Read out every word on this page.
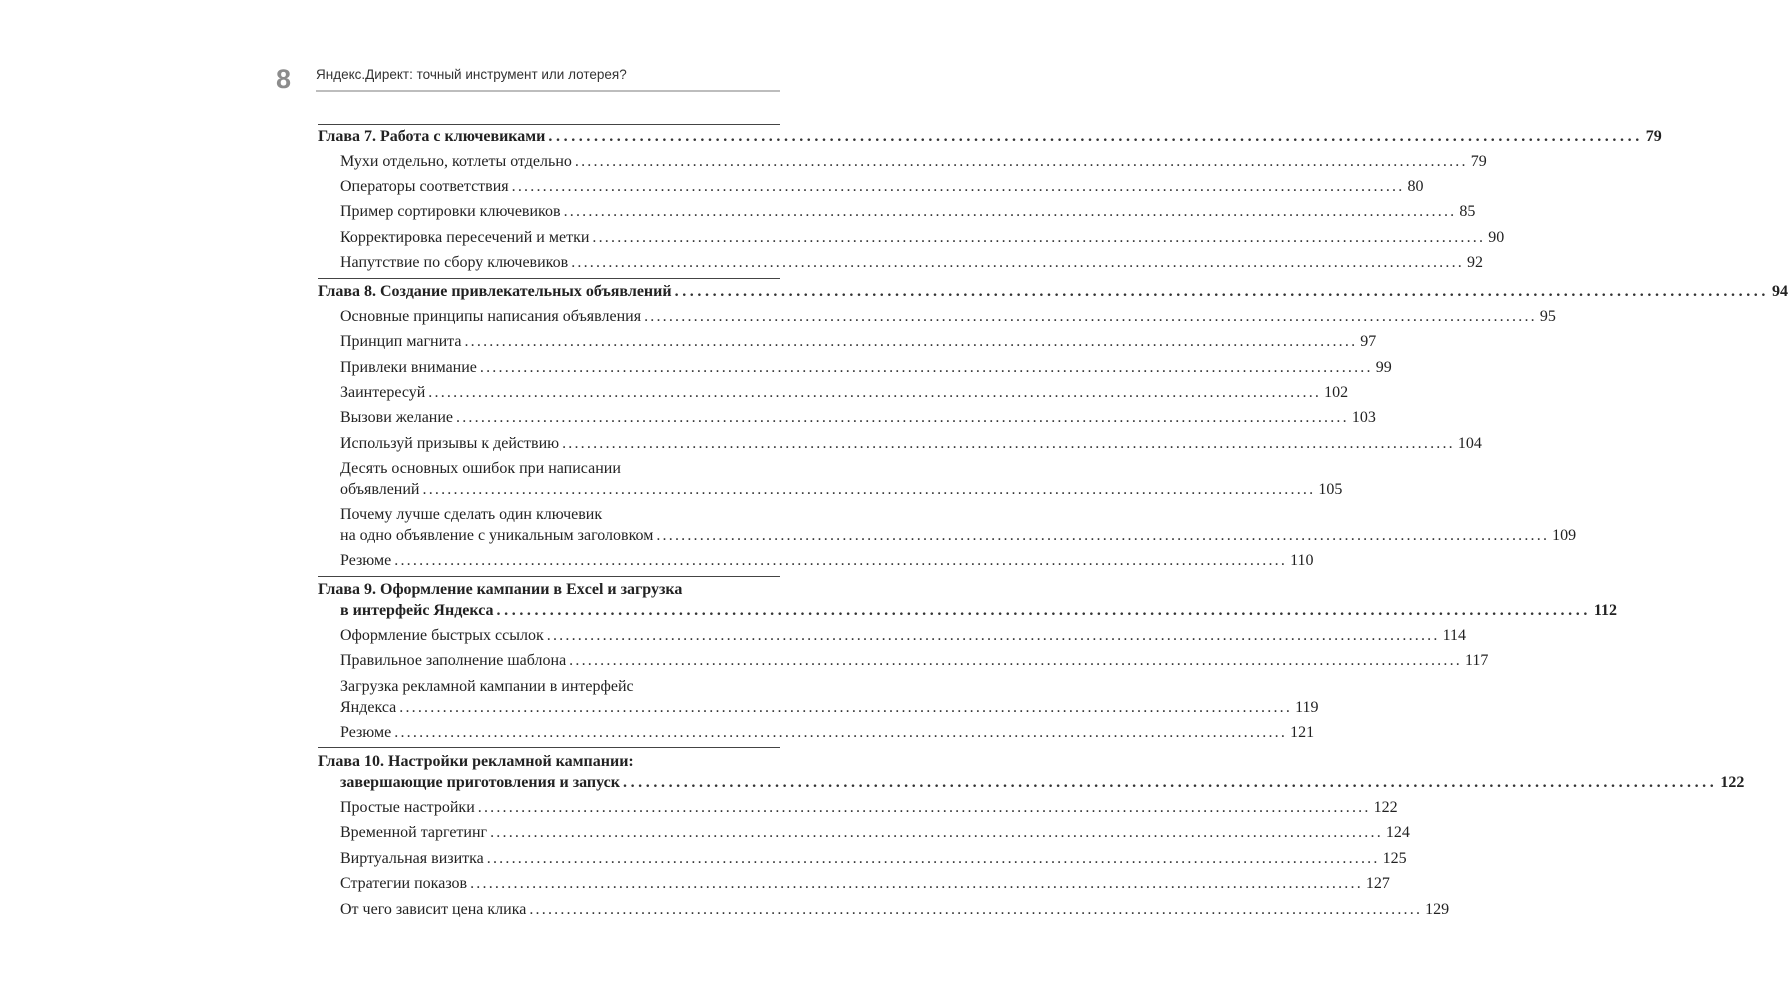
8 Яндекс.Директ: точный инструмент или лотерея?
Глава 7. Работа с ключевиками ................................................................................................................................................ 79
Мухи отдельно, котлеты отдельно ................................................................................................................................................ 79
Операторы соответствия ................................................................................................................................................ 80
Пример сортировки ключевиков ................................................................................................................................................ 85
Корректировка пересечений и метки ................................................................................................................................................ 90
Напутствие по сбору ключевиков ................................................................................................................................................ 92
Глава 8. Создание привлекательных объявлений ................................................................................................................................................ 94
Основные принципы написания объявления ................................................................................................................................................ 95
Принцип магнита ................................................................................................................................................ 97
Привлеки внимание ................................................................................................................................................ 99
Заинтересуй ................................................................................................................................................ 102
Вызови желание ................................................................................................................................................ 103
Используй призывы к действию ................................................................................................................................................ 104
Десять основных ошибок при написании
объявлений ................................................................................................................................................ 105
Почему лучше сделать один ключевик
на одно объявление с уникальным заголовком ................................................................................................................................................ 109
Резюме ................................................................................................................................................ 110
Глава 9. Оформление кампании в Excel и загрузка
в интерфейс Яндекса ................................................................................................................................................ 112
Оформление быстрых ссылок ................................................................................................................................................ 114
Правильное заполнение шаблона ................................................................................................................................................ 117
Загрузка рекламной кампании в интерфейс
Яндекса ................................................................................................................................................ 119
Резюме ................................................................................................................................................ 121
Глава 10. Настройки рекламной кампании:
завершающие приготовления и запуск ................................................................................................................................................ 122
Простые настройки ................................................................................................................................................ 122
Временной таргетинг ................................................................................................................................................ 124
Виртуальная визитка ................................................................................................................................................ 125
Стратегии показов ................................................................................................................................................ 127
От чего зависит цена клика ................................................................................................................................................ 129
